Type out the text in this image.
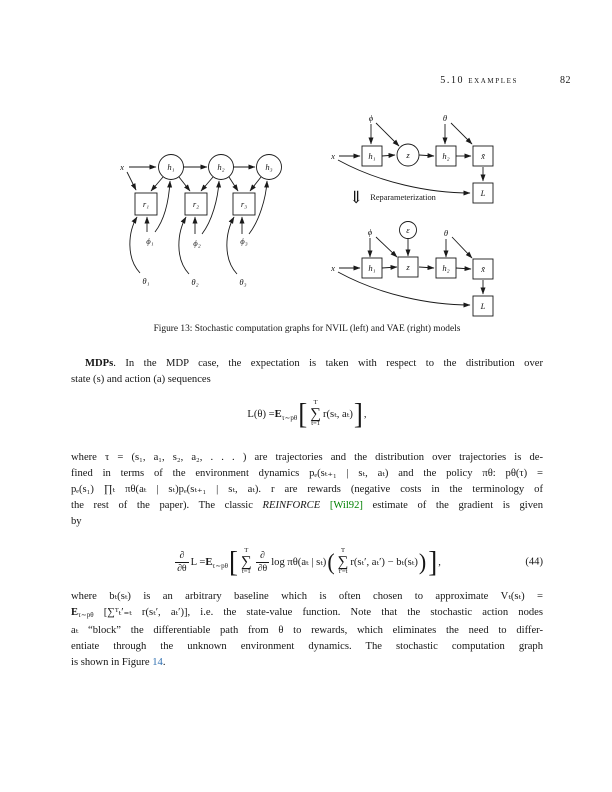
5.10 examples	82
x	h₁	h₂	h₃
r₁	r₂	r₃
ϕ₁	ϕ₂	ϕ₃
θ₁	θ₂	θ₃
ϕ	θ
x	h₁	z	h₂	x̃
L
⇓ Reparameterization
ϕ	ε	θ
x	h₁	z	h₂	x̃
L
Figure 13: Stochastic computation graphs for NVIL (left) and VAE (right) models
MDPs. In the MDP case, the expectation is taken with respect to the distribution over
state (s) and action (a) sequences
L(θ) = E τ∼pθ [ T
∑
t=1
r(sₜ, aₜ) ] ,
where τ = (s₁, a₁, s₂, a₂, . . . ) are trajectories and the distribution over trajectories is de-
fined in terms of the environment dynamics pₑ(sₜ₊₁ | sₜ, aₜ) and the policy πθ: pθ(τ) =
pₑ(s₁) ∏ₜ πθ(aₜ | sₜ)pₑ(sₜ₊₁ | sₜ, aₜ). r are rewards (negative costs in the terminology of
the rest of the paper). The classic REINFORCE [Wil92] estimate of the gradient is given
by
$\frac{\partial}{\partial\theta}$ L = E τ∼pθ [ T
∑
$t=1 \frac{\partial}{\partial\theta}$ log πθ(aₜ | sₜ) ( T
∑
t′=t
r(sₜ′, aₜ′) − bₜ(sₜ) ) ] ,	(44)
where bₜ(sₜ) is an arbitrary baseline which is often chosen to approximate Vₜ(sₜ) =
Eτ∼pθ [∑ᵀₜ′₌ₜ r(sₜ′, aₜ′)], i.e. the state-value function. Note that the stochastic action nodes
aₜ “block” the differentiable path from θ to rewards, which eliminates the need to differ-
entiate through the unknown environment dynamics. The stochastic computation graph
is shown in Figure 14.
